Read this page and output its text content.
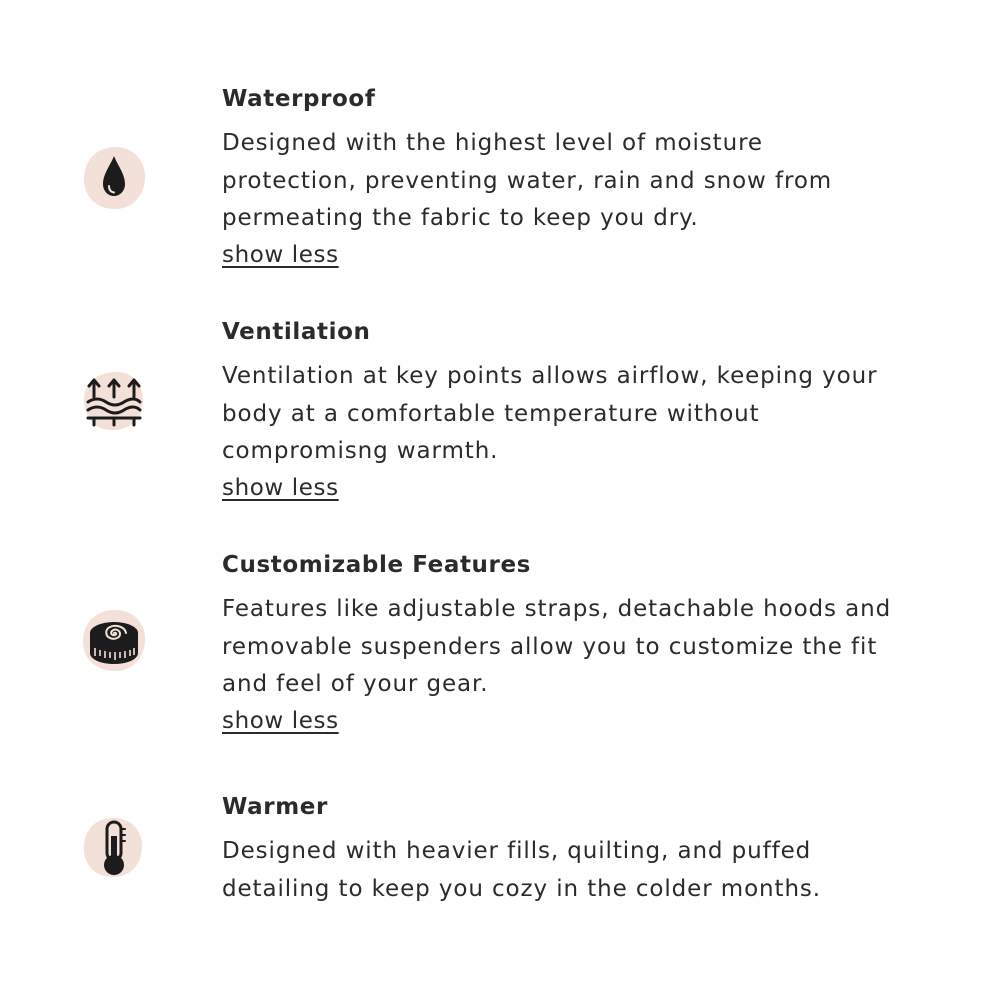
Waterproof
Designed with the highest level of moisture
protection, preventing water, rain and snow from
permeating the fabric to keep you dry.
show less
Ventilation
Ventilation at key points allows airflow, keeping your
body at a comfortable temperature without
compromisng warmth.
show less
Customizable Features
Features like adjustable straps, detachable hoods and
removable suspenders allow you to customize the fit
and feel of your gear.
show less
Warmer
Designed with heavier fills, quilting, and puffed
detailing to keep you cozy in the colder months.
